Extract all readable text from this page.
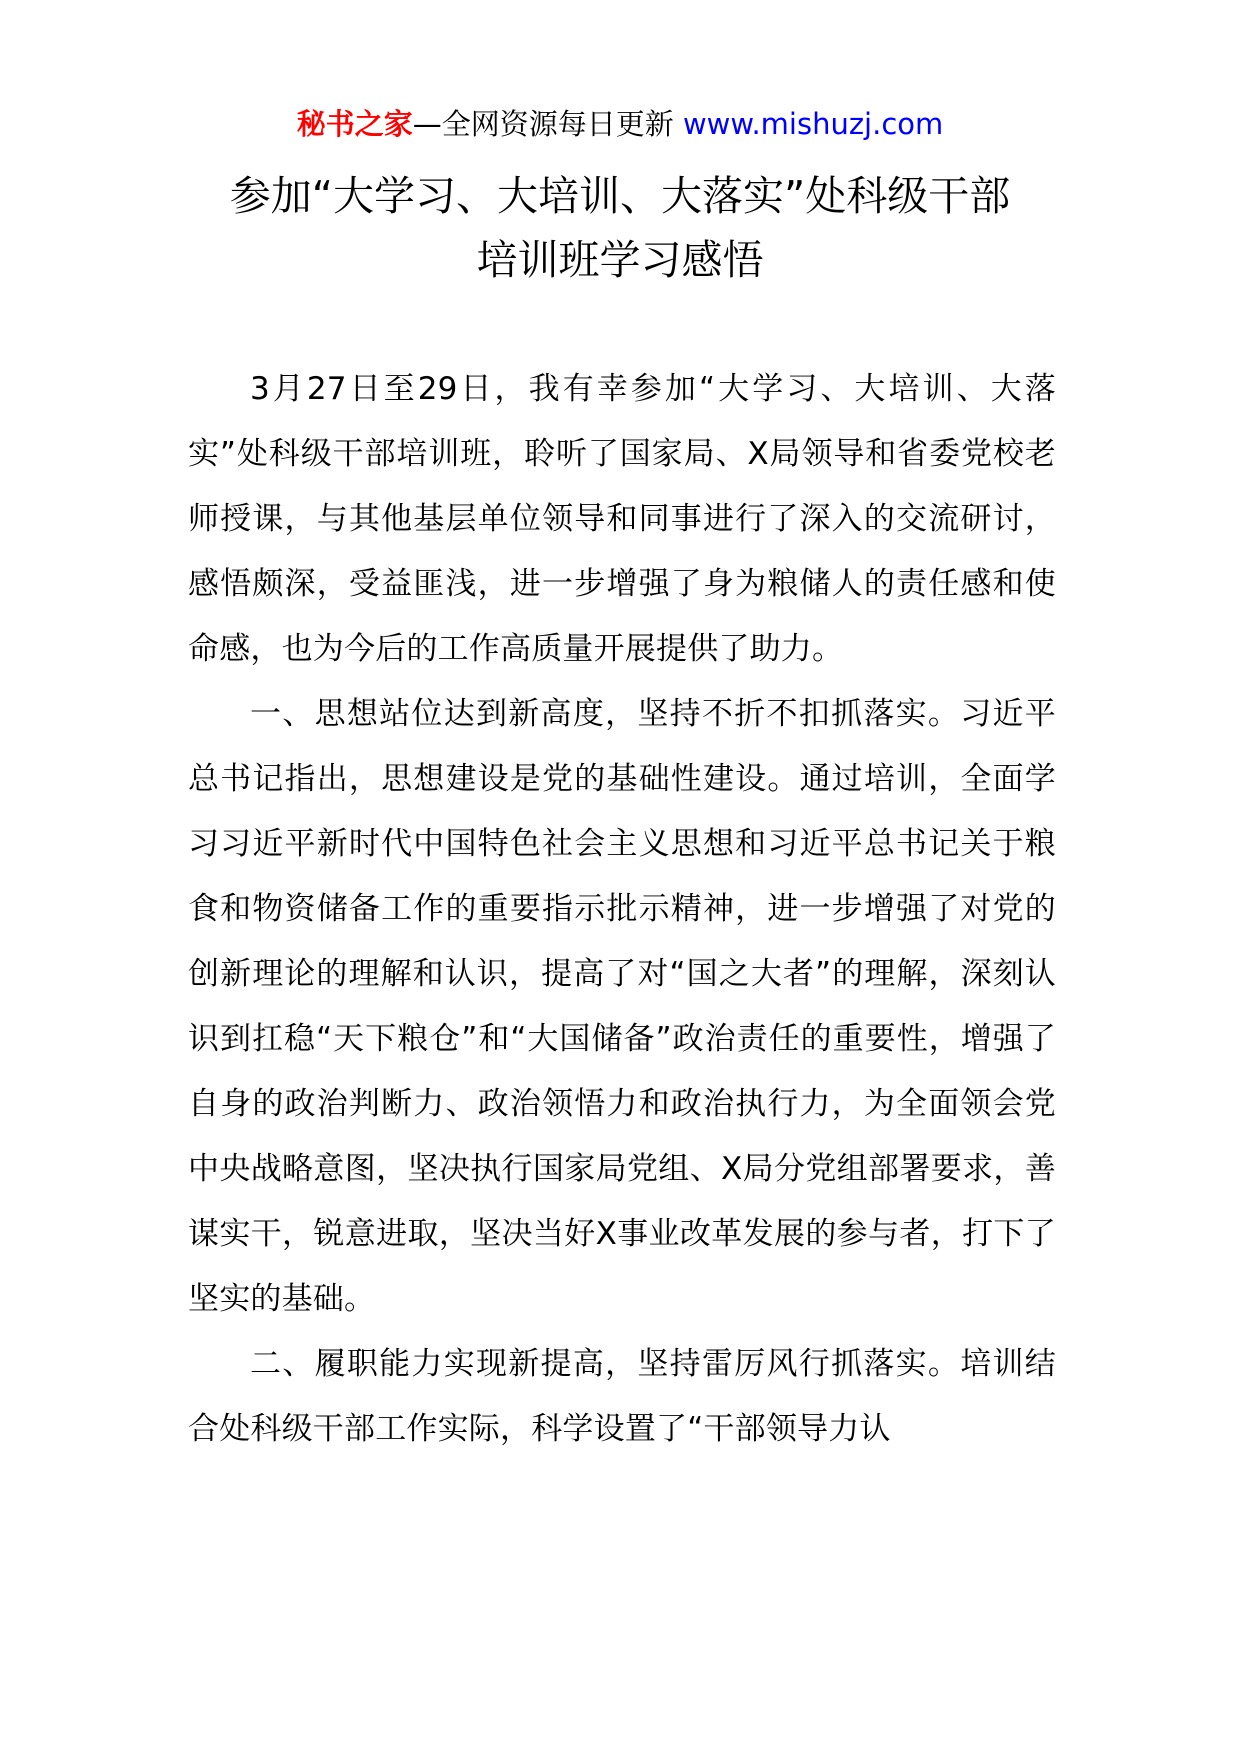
秘书之家—全网资源每日更新 www.mishuzj.com
参加“大学习、大培训、大落实”处科级干部
培训班学习感悟

3月27日至29日，我有幸参加“大学习、大培训、大落实”处科级干部培训班，聆听了国家局、X局领导和省委党校老师授课，与其他基层单位领导和同事进行了深入的交流研讨，感悟颇深，受益匪浅，进一步增强了身为粮储人的责任感和使命感，也为今后的工作高质量开展提供了助力。

一、思想站位达到新高度，坚持不折不扣抓落实。习近平总书记指出，思想建设是党的基础性建设。通过培训，全面学习习近平新时代中国特色社会主义思想和习近平总书记关于粮食和物资储备工作的重要指示批示精神，进一步增强了对党的创新理论的理解和认识，提高了对“国之大者”的理解，深刻认识到扛稳“天下粮仓”和“大国储备”政治责任的重要性，增强了自身的政治判断力、政治领悟力和政治执行力，为全面领会党中央战略意图，坚决执行国家局党组、X局分党组部署要求，善谋实干，锐意进取，坚决当好X事业改革发展的参与者，打下了坚实的基础。

二、履职能力实现新提高，坚持雷厉风行抓落实。培训结合处科级干部工作实际，科学设置了“干部领导力认
